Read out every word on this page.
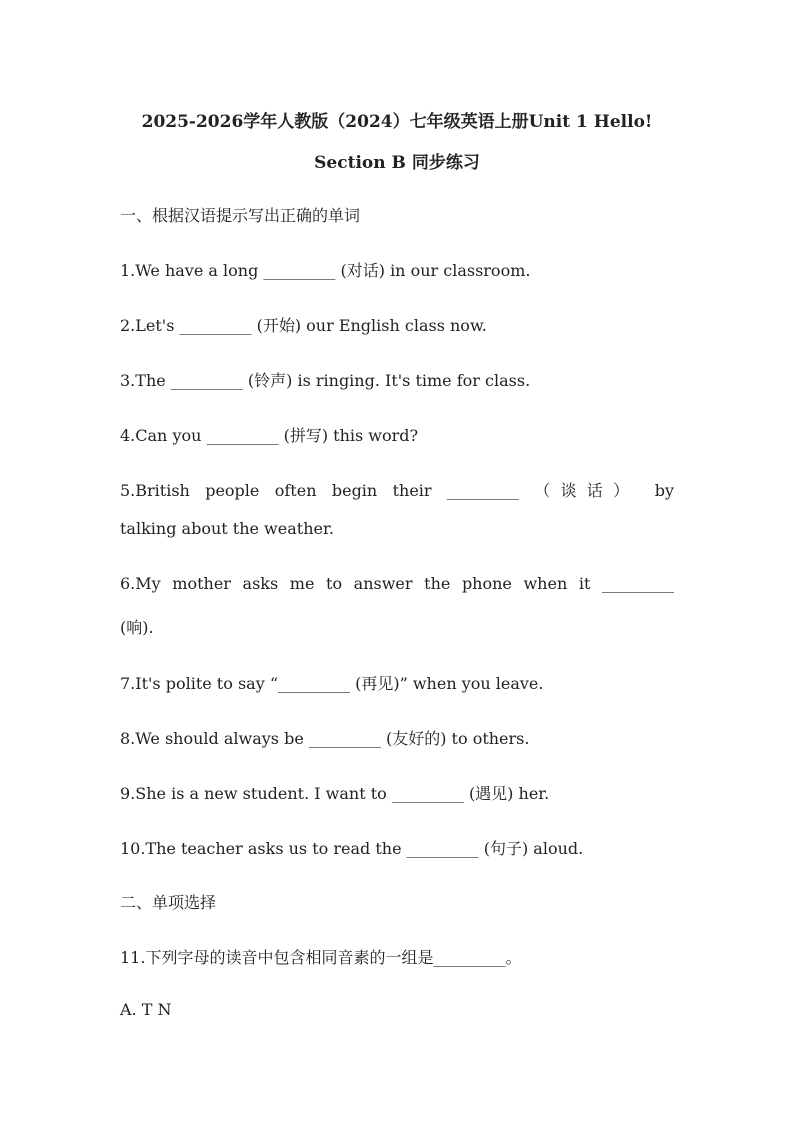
2025-2026学年人教版（2024）七年级英语上册Unit 1 Hello!
Section B 同步练习
一、根据汉语提示写出正确的单词
1.We have a long _________ (对话) in our classroom.
2.Let's _________ (开始) our English class now.
3.The _________ (铃声) is ringing. It's time for class.
4.Can you _________ (拼写) this word?
5.British people often begin their _________ （谈话） by
talking about the weather.
6.My mother asks me to answer the phone when it _________
(响).
7.It's polite to say “_________ (再见)” when you leave.
8.We should always be _________ (友好的) to others.
9.She is a new student. I want to _________ (遇见) her.
10.The teacher asks us to read the _________ (句子) aloud.
二、单项选择
11.下列字母的读音中包含相同音素的一组是_________。
A. T N
